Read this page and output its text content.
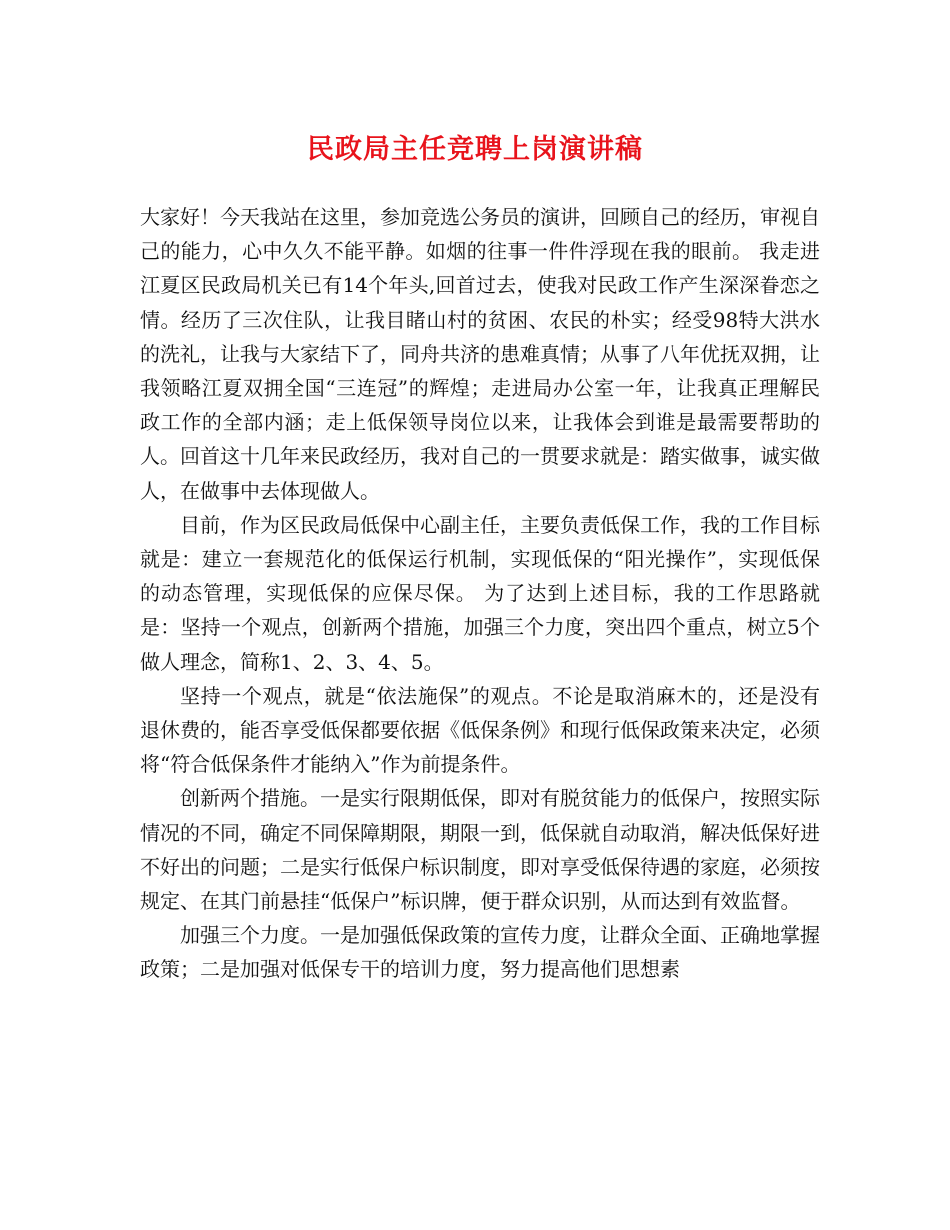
民政局主任竞聘上岗演讲稿

大家好！今天我站在这里，参加竞选公务员的演讲，回顾自己的经历，审视自己的能力，心中久久不能平静。如烟的往事一件件浮现在我的眼前。 我走进江夏区民政局机关已有14个年头,回首过去，使我对民政工作产生深深眷恋之情。经历了三次住队，让我目睹山村的贫困、农民的朴实；经受98特大洪水的洗礼，让我与大家结下了，同舟共济的患难真情；从事了八年优抚双拥，让我领略江夏双拥全国“三连冠”的辉煌；走进局办公室一年，让我真正理解民政工作的全部内涵；走上低保领导岗位以来，让我体会到谁是最需要帮助的人。回首这十几年来民政经历，我对自己的一贯要求就是：踏实做事，诚实做人，在做事中去体现做人。

目前，作为区民政局低保中心副主任，主要负责低保工作，我的工作目标就是：建立一套规范化的低保运行机制，实现低保的“阳光操作”，实现低保的动态管理，实现低保的应保尽保。 为了达到上述目标，我的工作思路就是：坚持一个观点，创新两个措施，加强三个力度，突出四个重点，树立5个做人理念，简称1、2、3、4、5。

坚持一个观点，就是“依法施保”的观点。不论是取消麻木的，还是没有退休费的，能否享受低保都要依据《低保条例》和现行低保政策来决定，必须将“符合低保条件才能纳入”作为前提条件。

创新两个措施。一是实行限期低保，即对有脱贫能力的低保户，按照实际情况的不同，确定不同保障期限，期限一到，低保就自动取消，解决低保好进不好出的问题；二是实行低保户标识制度，即对享受低保待遇的家庭，必须按规定、在其门前悬挂“低保户”标识牌，便于群众识别，从而达到有效监督。

加强三个力度。一是加强低保政策的宣传力度，让群众全面、正确地掌握政策；二是加强对低保专干的培训力度，努力提高他们思想素
